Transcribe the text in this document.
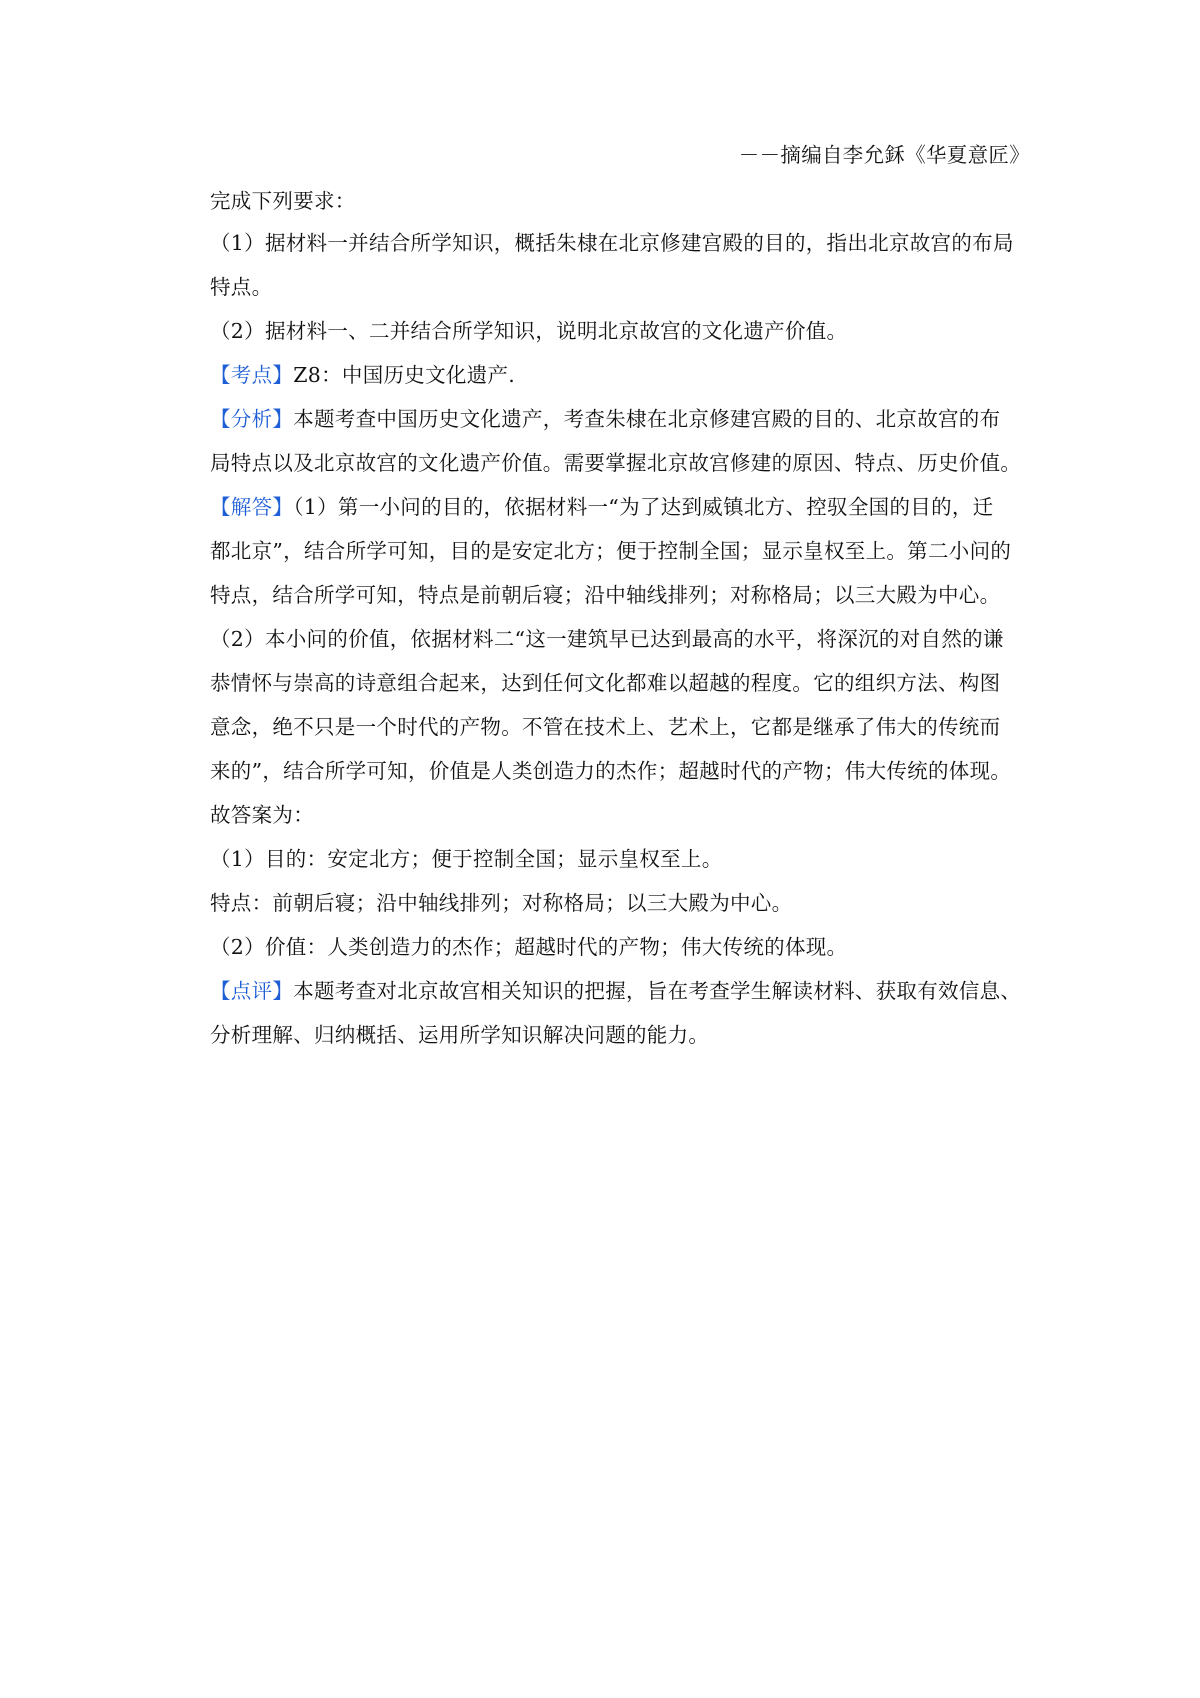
－－摘编自李允鉌《华夏意匠》
完成下列要求：
（1）据材料一并结合所学知识，概括朱棣在北京修建宫殿的目的，指出北京故宫的布局
特点。
（2）据材料一、二并结合所学知识，说明北京故宫的文化遗产价值。
【考点】Z8：中国历史文化遗产.
【分析】本题考查中国历史文化遗产，考查朱棣在北京修建宫殿的目的、北京故宫的布
局特点以及北京故宫的文化遗产价值。需要掌握北京故宫修建的原因、特点、历史价值。
【解答】（1）第一小问的目的，依据材料一“为了达到威镇北方、控驭全国的目的，迁
都北京”，结合所学可知，目的是安定北方；便于控制全国；显示皇权至上。第二小问的
特点，结合所学可知，特点是前朝后寝；沿中轴线排列；对称格局；以三大殿为中心。
（2）本小问的价值，依据材料二“这一建筑早已达到最高的水平，将深沉的对自然的谦
恭情怀与崇高的诗意组合起来，达到任何文化都难以超越的程度。它的组织方法、构图
意念，绝不只是一个时代的产物。不管在技术上、艺术上，它都是继承了伟大的传统而
来的”，结合所学可知，价值是人类创造力的杰作；超越时代的产物；伟大传统的体现。
故答案为：
（1）目的：安定北方；便于控制全国；显示皇权至上。
特点：前朝后寝；沿中轴线排列；对称格局；以三大殿为中心。
（2）价值：人类创造力的杰作；超越时代的产物；伟大传统的体现。
【点评】本题考查对北京故宫相关知识的把握，旨在考查学生解读材料、获取有效信息、
分析理解、归纳概括、运用所学知识解决问题的能力。
